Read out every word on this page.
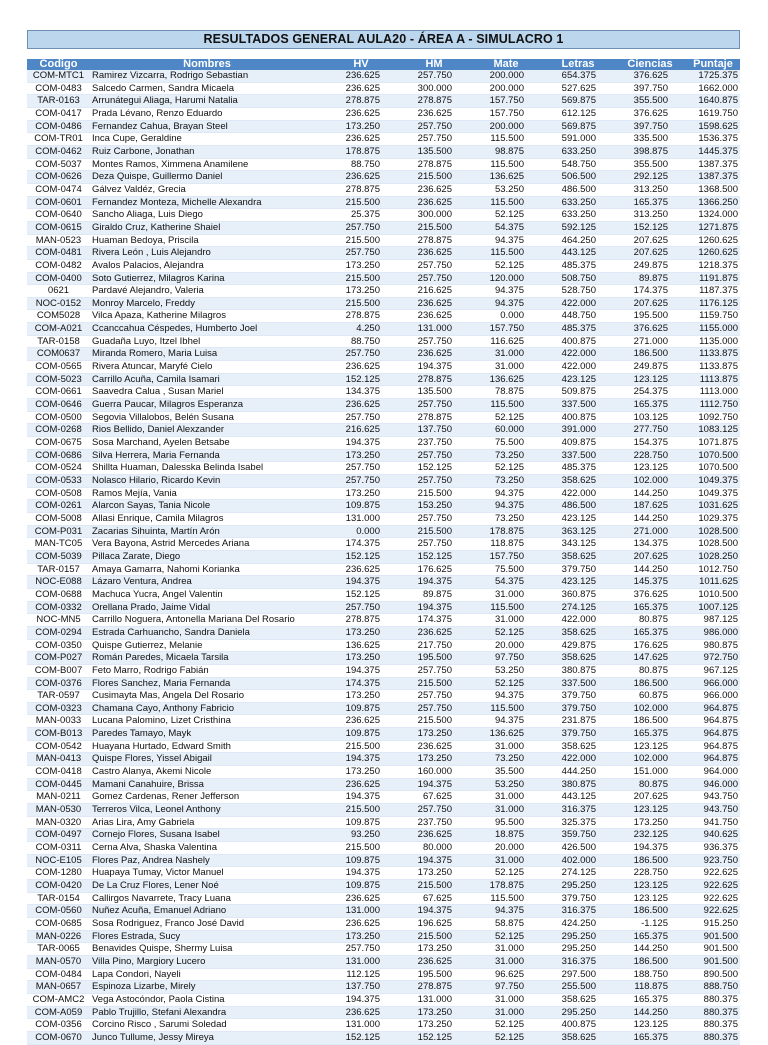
RESULTADOS GENERAL AULA20 - ÁREA A - SIMULACRO 1
Codigo	Nombres	HV	HM	Mate	Letras	Ciencias	Puntaje
COM-MTC1	Ramirez Vizcarra, Rodrigo Sebastian	236.625	257.750	200.000	654.375	376.625	1725.375
COM-0483	Salcedo Carmen, Sandra Micaela	236.625	300.000	200.000	527.625	397.750	1662.000
TAR-0163	Arrunátegui Aliaga, Harumi Natalia	278.875	278.875	157.750	569.875	355.500	1640.875
COM-0417	Prada Lévano, Renzo Eduardo	236.625	236.625	157.750	612.125	376.625	1619.750
COM-0486	Fernandez Cahua, Brayan Steel	173.250	257.750	200.000	569.875	397.750	1598.625
COM-TR01	Inca Cupe, Geraldine	236.625	257.750	115.500	591.000	335.500	1536.375
COM-0462	Ruiz Carbone, Jonathan	178.875	135.500	98.875	633.250	398.875	1445.375
COM-5037	Montes Ramos, Ximmena Anamilene	88.750	278.875	115.500	548.750	355.500	1387.375
COM-0626	Deza Quispe, Guillermo Daniel	236.625	215.500	136.625	506.500	292.125	1387.375
COM-0474	Gálvez Valdéz, Grecia	278.875	236.625	53.250	486.500	313.250	1368.500
COM-0601	Fernandez Monteza, Michelle Alexandra	215.500	236.625	115.500	633.250	165.375	1366.250
COM-0640	Sancho Aliaga, Luis Diego	25.375	300.000	52.125	633.250	313.250	1324.000
COM-0615	Giraldo Cruz, Katherine Shaiel	257.750	215.500	54.375	592.125	152.125	1271.875
MAN-0523	Huaman Bedoya, Priscila	215.500	278.875	94.375	464.250	207.625	1260.625
COM-0481	Rivera León , Luis Alejandro	257.750	236.625	115.500	443.125	207.625	1260.625
COM-0482	Avalos Palacios, Alejandra	173.250	257.750	52.125	485.375	249.875	1218.375
COM-0400	Soto Gutierrez, Milagros Karina	215.500	257.750	120.000	508.750	89.875	1191.875
0621	Pardavé Alejandro, Valeria	173.250	216.625	94.375	528.750	174.375	1187.375
NOC-0152	Monroy Marcelo, Freddy	215.500	236.625	94.375	422.000	207.625	1176.125
COM5028	Vilca Apaza, Katherine Milagros	278.875	236.625	0.000	448.750	195.500	1159.750
COM-A021	Ccanccahua Céspedes, Humberto Joel	4.250	131.000	157.750	485.375	376.625	1155.000
TAR-0158	Guadaña Luyo, Itzel Ibhel	88.750	257.750	116.625	400.875	271.000	1135.000
COM0637	Miranda Romero, Maria Luisa	257.750	236.625	31.000	422.000	186.500	1133.875
COM-0565	Rivera Atuncar, Maryfé Cielo	236.625	194.375	31.000	422.000	249.875	1133.875
COM-5023	Carrillo Acuña, Camila Isamari	152.125	278.875	136.625	423.125	123.125	1113.875
COM-0661	Saavedra Calua , Susan Mariel	134.375	135.500	78.875	509.875	254.375	1113.000
COM-0646	Guerra Paucar, Milagros Esperanza	236.625	257.750	115.500	337.500	165.375	1112.750
COM-0500	Segovia Villalobos, Belén Susana	257.750	278.875	52.125	400.875	103.125	1092.750
COM-0268	Rios Bellido, Daniel Alexzander	216.625	137.750	60.000	391.000	277.750	1083.125
COM-0675	Sosa Marchand, Ayelen Betsabe	194.375	237.750	75.500	409.875	154.375	1071.875
COM-0686	Silva Herrera, Maria Fernanda	173.250	257.750	73.250	337.500	228.750	1070.500
COM-0524	Shillta Huaman, Dalesska Belinda Isabel	257.750	152.125	52.125	485.375	123.125	1070.500
COM-0533	Nolasco Hilario, Ricardo Kevin	257.750	257.750	73.250	358.625	102.000	1049.375
COM-0508	Ramos Mejía, Vania	173.250	215.500	94.375	422.000	144.250	1049.375
COM-0261	Alarcon Sayas, Tania Nicole	109.875	153.250	94.375	486.500	187.625	1031.625
COM-5008	Allasi Enrique, Camila Milagros	131.000	257.750	73.250	423.125	144.250	1029.375
COM-P031	Zacarias Sihuinta, Martín Arón	0.000	215.500	178.875	363.125	271.000	1028.500
MAN-TC05	Vera Bayona, Astrid Mercedes Ariana	174.375	257.750	118.875	343.125	134.375	1028.500
COM-5039	Pillaca Zarate, Diego	152.125	152.125	157.750	358.625	207.625	1028.250
TAR-0157	Amaya Gamarra, Nahomi Korianka	236.625	176.625	75.500	379.750	144.250	1012.750
NOC-E088	Lázaro Ventura, Andrea	194.375	194.375	54.375	423.125	145.375	1011.625
COM-0688	Machuca Yucra, Angel Valentin	152.125	89.875	31.000	360.875	376.625	1010.500
COM-0332	Orellana Prado, Jaime Vidal	257.750	194.375	115.500	274.125	165.375	1007.125
NOC-MN5	Carrillo Noguera, Antonella Mariana Del Rosario	278.875	174.375	31.000	422.000	80.875	987.125
COM-0294	Estrada Carhuancho, Sandra Daniela	173.250	236.625	52.125	358.625	165.375	986.000
COM-0350	Quispe Gutierrez, Melanie	136.625	217.750	20.000	429.875	176.625	980.875
COM-P027	Román Paredes, Micaela Tarsila	173.250	195.500	97.750	358.625	147.625	972.750
COM-B007	Feto Marro, Rodrigo Fabián	194.375	257.750	53.250	380.875	80.875	967.125
COM-0376	Flores Sanchez, Maria Fernanda	174.375	215.500	52.125	337.500	186.500	966.000
TAR-0597	Cusimayta Mas, Angela Del Rosario	173.250	257.750	94.375	379.750	60.875	966.000
COM-0323	Chamana Cayo, Anthony Fabricio	109.875	257.750	115.500	379.750	102.000	964.875
MAN-0033	Lucana Palomino, Lizet Cristhina	236.625	215.500	94.375	231.875	186.500	964.875
COM-B013	Paredes Tamayo, Mayk	109.875	173.250	136.625	379.750	165.375	964.875
COM-0542	Huayana Hurtado, Edward Smith	215.500	236.625	31.000	358.625	123.125	964.875
MAN-0413	Quispe Flores, Yissel Abigail	194.375	173.250	73.250	422.000	102.000	964.875
COM-0418	Castro Alanya, Akemi Nicole	173.250	160.000	35.500	444.250	151.000	964.000
COM-0445	Mamani Canahuire, Brissa	236.625	194.375	53.250	380.875	80.875	946.000
MAN-0211	Gomez Cardenas, Rener Jefferson	194.375	67.625	31.000	443.125	207.625	943.750
MAN-0530	Terreros Vilca, Leonel Anthony	215.500	257.750	31.000	316.375	123.125	943.750
MAN-0320	Arias Lira, Amy Gabriela	109.875	237.750	95.500	325.375	173.250	941.750
COM-0497	Cornejo Flores, Susana Isabel	93.250	236.625	18.875	359.750	232.125	940.625
COM-0311	Cerna Alva, Shaska Valentina	215.500	80.000	20.000	426.500	194.375	936.375
NOC-E105	Flores Paz, Andrea Nashely	109.875	194.375	31.000	402.000	186.500	923.750
COM-1280	Huapaya Tumay, Victor Manuel	194.375	173.250	52.125	274.125	228.750	922.625
COM-0420	De La Cruz Flores, Lener Noé	109.875	215.500	178.875	295.250	123.125	922.625
TAR-0154	Callirgos Navarrete, Tracy Luana	236.625	67.625	115.500	379.750	123.125	922.625
COM-0560	Nuñez Acuña, Emanuel Adriano	131.000	194.375	94.375	316.375	186.500	922.625
COM-0685	Sosa Rodriguez, Franco José David	236.625	196.625	58.875	424.250	-1.125	915.250
MAN-0226	Flores Estrada, Sucy	173.250	215.500	52.125	295.250	165.375	901.500
TAR-0065	Benavides Quispe, Shermy Luisa	257.750	173.250	31.000	295.250	144.250	901.500
MAN-0570	Villa Pino, Margiory Lucero	131.000	236.625	31.000	316.375	186.500	901.500
COM-0484	Lapa Condori, Nayeli	112.125	195.500	96.625	297.500	188.750	890.500
MAN-0657	Espinoza Lizarbe, Mirely	137.750	278.875	97.750	255.500	118.875	888.750
COM-AMC2	Vega Astocóndor, Paola Cistina	194.375	131.000	31.000	358.625	165.375	880.375
COM-A059	Pablo Trujillo, Stefani Alexandra	236.625	173.250	31.000	295.250	144.250	880.375
COM-0356	Corcino Risco , Sarumi Soledad	131.000	173.250	52.125	400.875	123.125	880.375
COM-0670	Junco Tullume, Jessy Mireya	152.125	152.125	52.125	358.625	165.375	880.375
